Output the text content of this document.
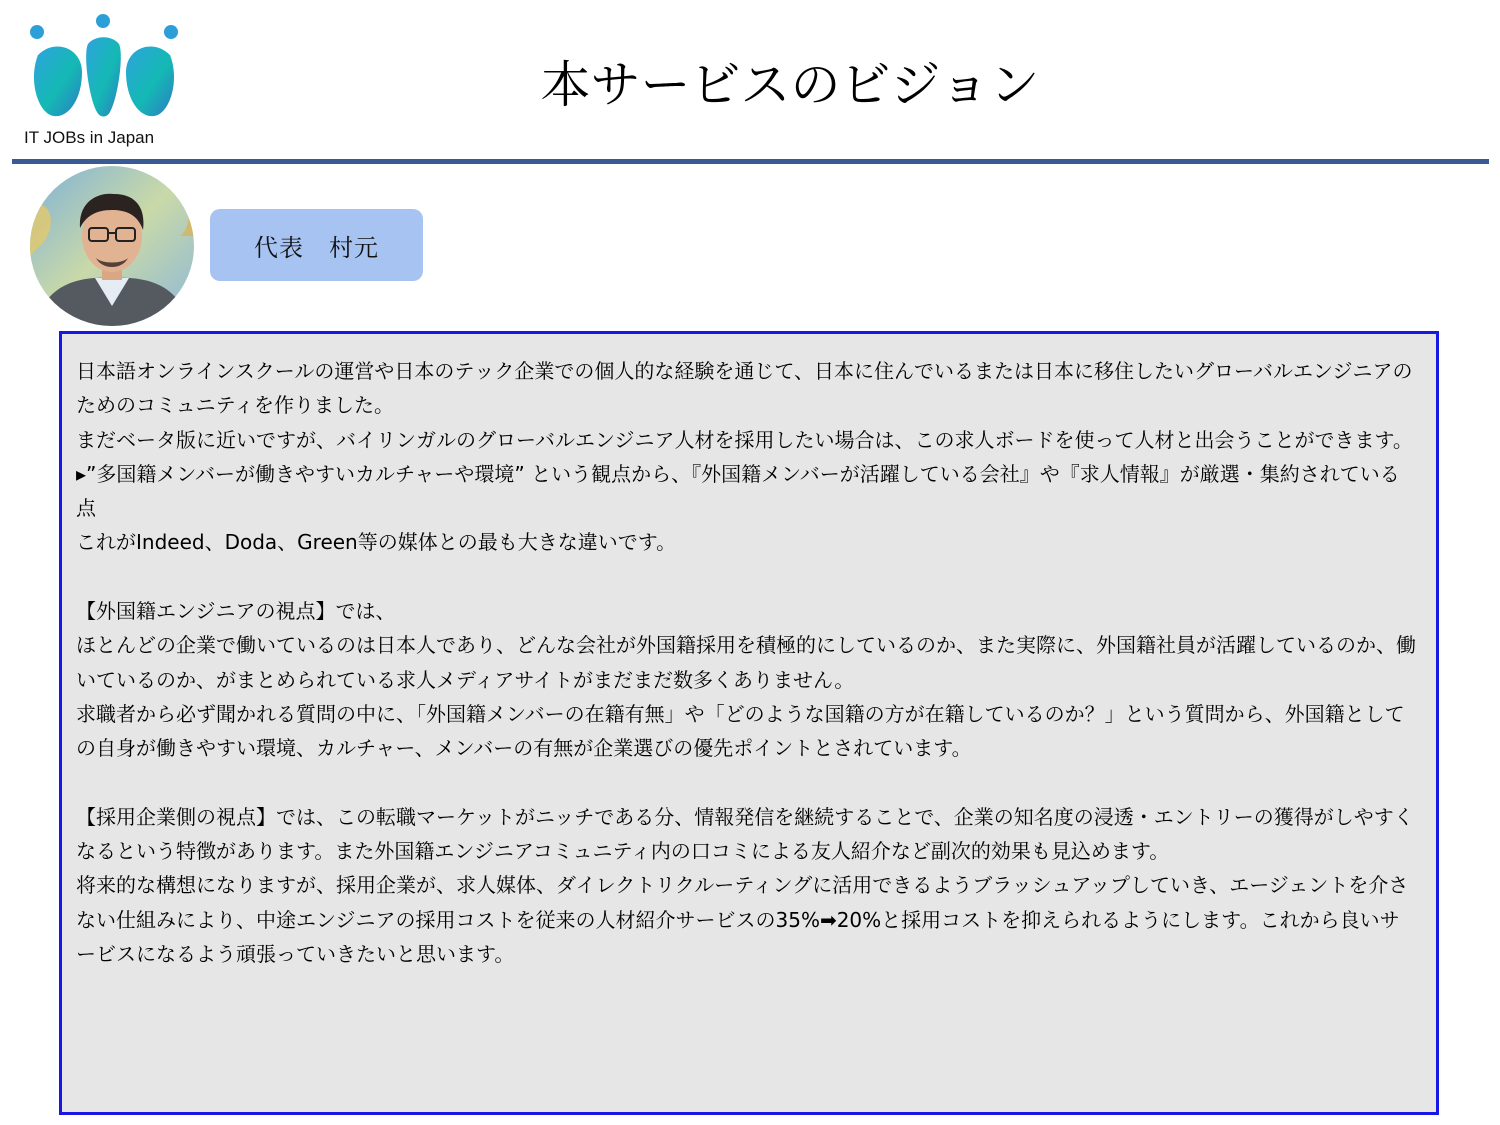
IT JOBs in Japan
本サービスのビジョン
代表　村元

日本語オンラインスクールの運営や日本のテック企業での個人的な経験を通じて、日本に住んでいるまたは日本に移住したいグローバルエンジニアのためのコミュニティを作りました。

まだベータ版に近いですが、バイリンガルのグローバルエンジニア人材を採用したい場合は、この求人ボードを使って人材と出会うことができます。

▸”多国籍メンバーが働きやすいカルチャーや環境” という観点から、『外国籍メンバーが活躍している会社』や『求人情報』が厳選・集約されている点

これがIndeed、Doda、Green等の媒体との最も大きな違いです。

【外国籍エンジニアの視点】では、

ほとんどの企業で働いているのは日本人であり、どんな会社が外国籍採用を積極的にしているのか、また実際に、外国籍社員が活躍しているのか、働いているのか、がまとめられている求人メディアサイトがまだまだ数多くありません。

求職者から必ず聞かれる質問の中に、「外国籍メンバーの在籍有無」や「どのような国籍の方が在籍しているのか？」という質問から、外国籍としての自身が働きやすい環境、カルチャー、メンバーの有無が企業選びの優先ポイントとされています。

【採用企業側の視点】では、この転職マーケットがニッチである分、情報発信を継続することで、企業の知名度の浸透・エントリーの獲得がしやすくなるという特徴があります。また外国籍エンジニアコミュニティ内の口コミによる友人紹介など副次的効果も見込めます。

将来的な構想になりますが、採用企業が、求人媒体、ダイレクトリクルーティングに活用できるようブラッシュアップしていき、エージェントを介さない仕組みにより、中途エンジニアの採用コストを従来の人材紹介サービスの35%➡20%と採用コストを抑えられるようにします。これから良いサービスになるよう頑張っていきたいと思います。
